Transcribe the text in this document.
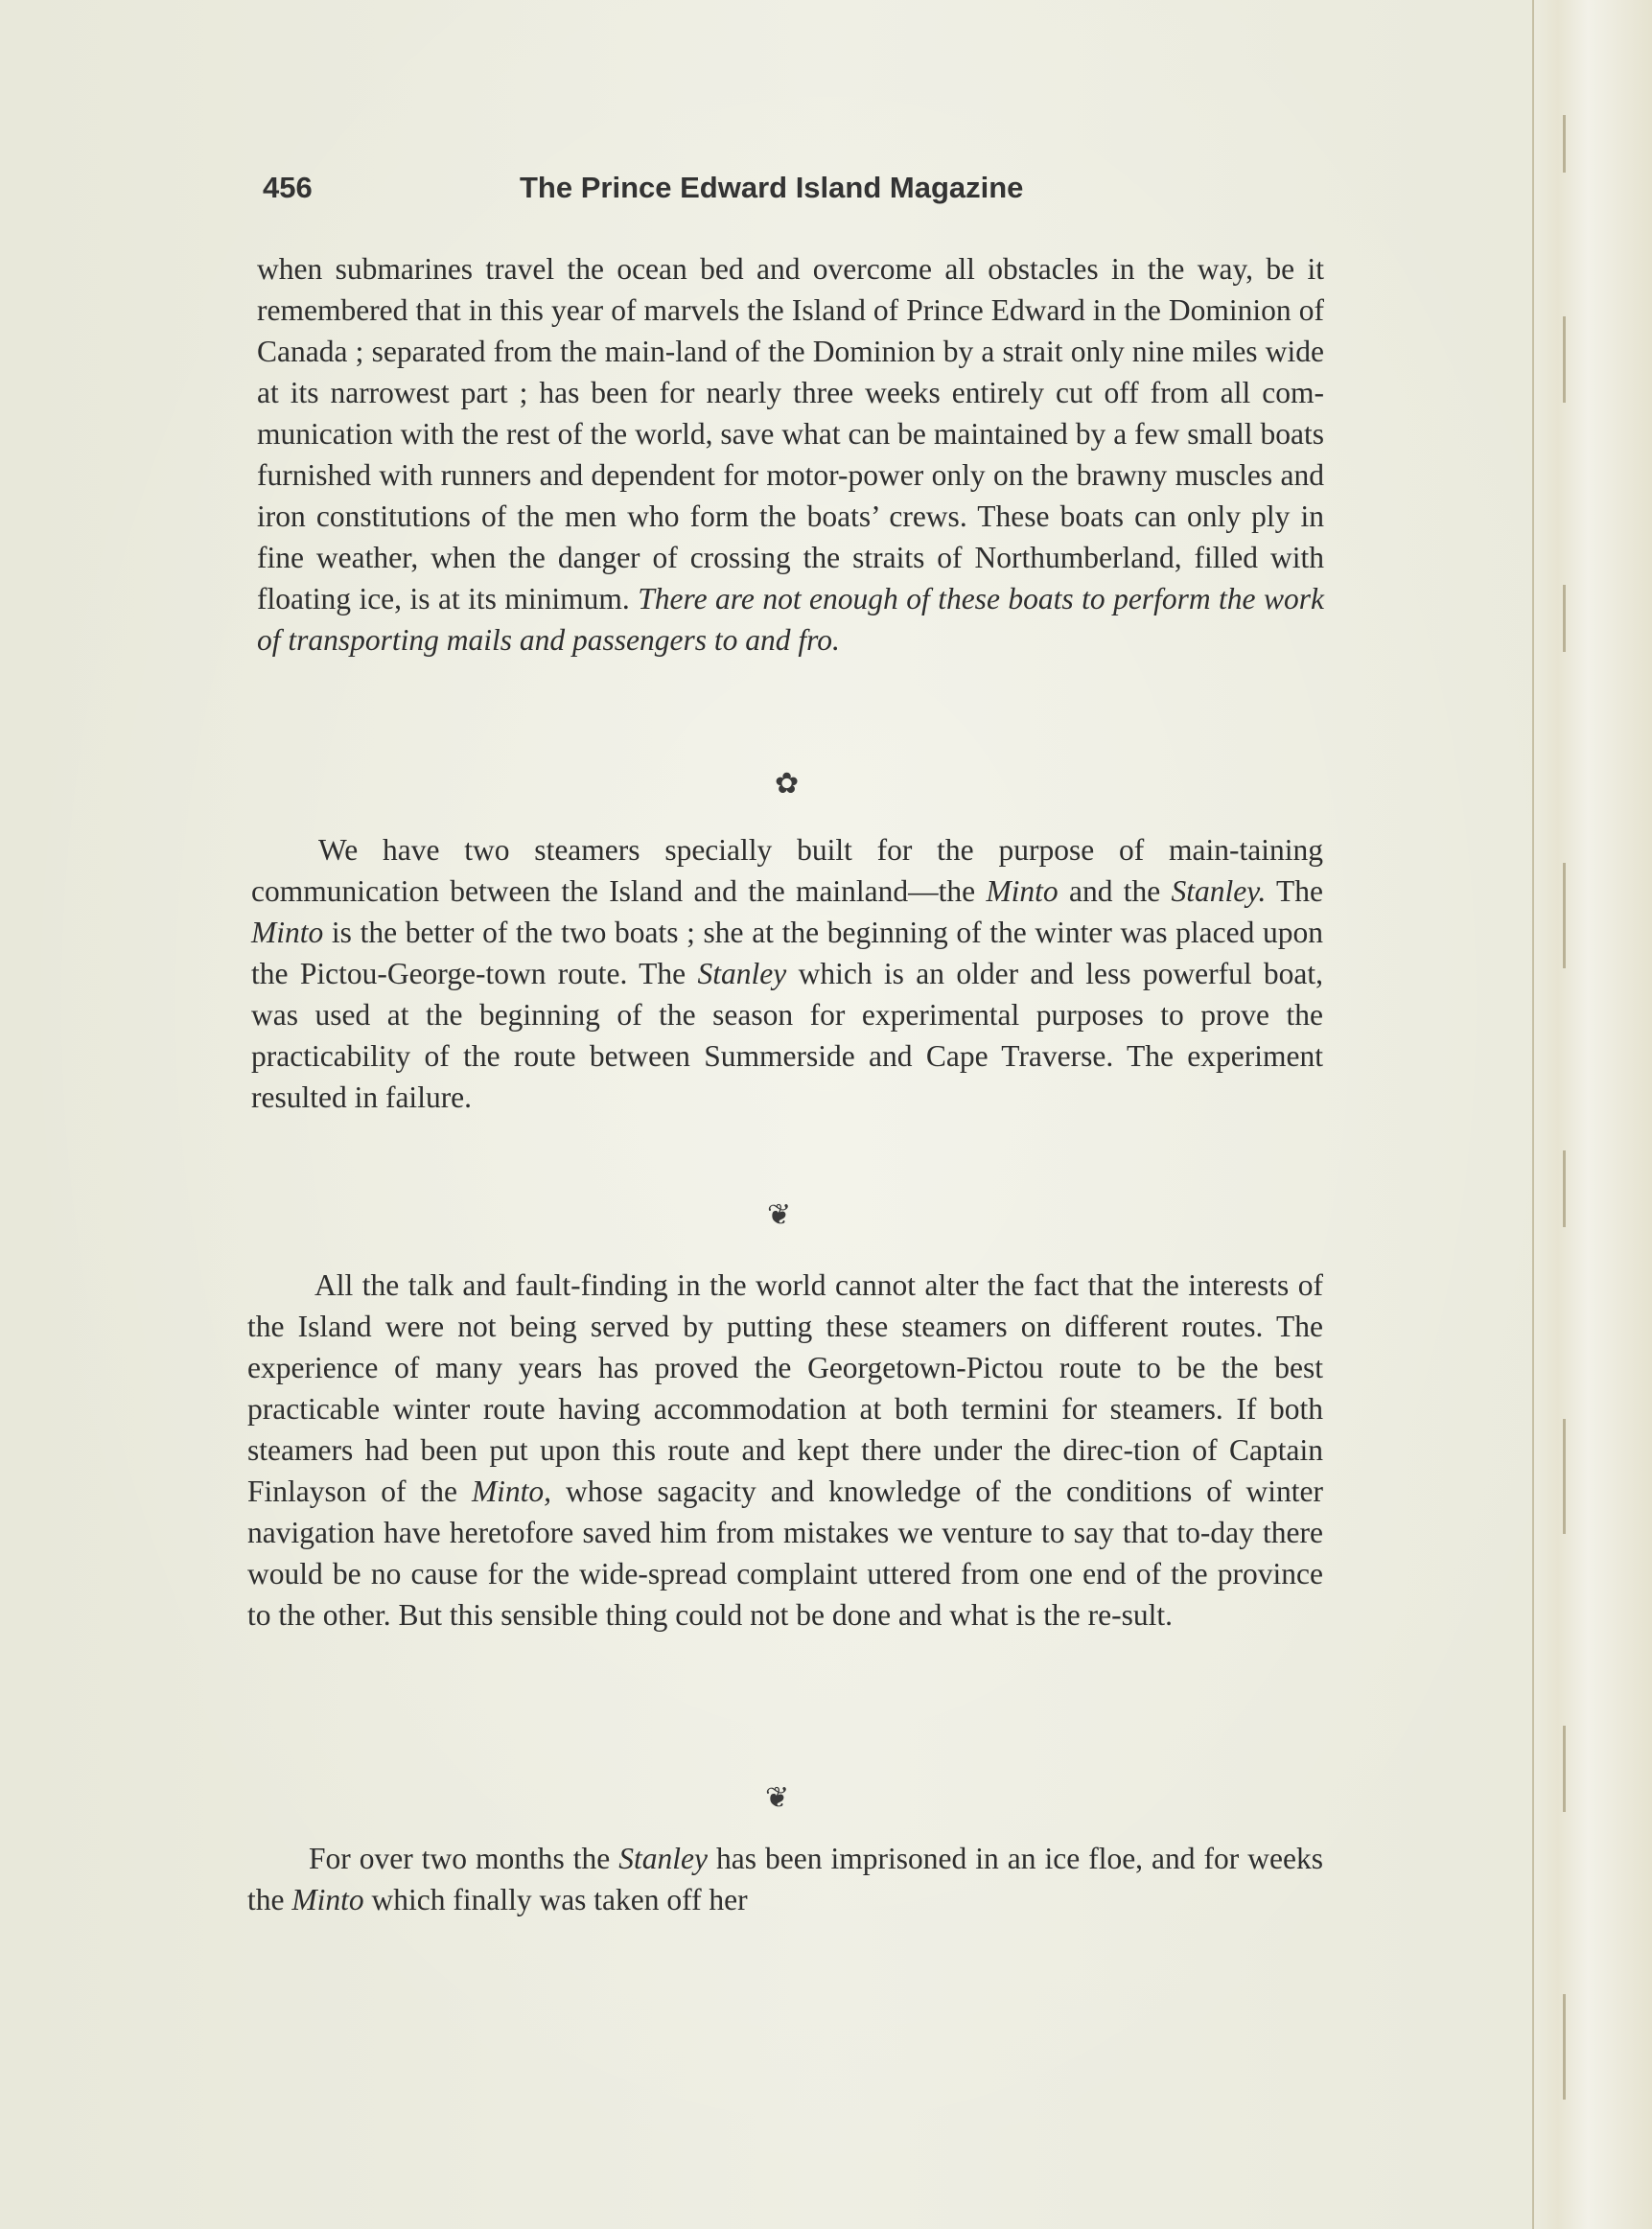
456	The Prince Edward Island Magazine

when submarines travel the ocean bed and overcome all obstacles in the way, be it remembered that in this year of marvels the Island of Prince Edward in the Dominion of Canada ; separated from the main-land of the Dominion by a strait only nine miles wide at its narrowest part ; has been for nearly three weeks entirely cut off from all com-munication with the rest of the world, save what can be maintained by a few small boats furnished with runners and dependent for motor-power only on the brawny muscles and iron constitutions of the men who form the boats’ crews. These boats can only ply in fine weather, when the danger of crossing the straits of Northumberland, filled with floating ice, is at its minimum. There are not enough of these boats to perform the work of transporting mails and passengers to and fro.

✿

We have two steamers specially built for the purpose of main-taining communication between the Island and the mainland—the Minto and the Stanley. The Minto is the better of the two boats ; she at the beginning of the winter was placed upon the Pictou-George-town route. The Stanley which is an older and less powerful boat, was used at the beginning of the season for experimental purposes to prove the practicability of the route between Summerside and Cape Traverse. The experiment resulted in failure.

❦

All the talk and fault-finding in the world cannot alter the fact that the interests of the Island were not being served by putting these steamers on different routes. The experience of many years has proved the Georgetown-Pictou route to be the best practicable winter route having accommodation at both termini for steamers. If both steamers had been put upon this route and kept there under the direc-tion of Captain Finlayson of the Minto, whose sagacity and knowledge of the conditions of winter navigation have heretofore saved him from mistakes we venture to say that to-day there would be no cause for the wide-spread complaint uttered from one end of the province to the other. But this sensible thing could not be done and what is the re-sult.

❦

For over two months the Stanley has been imprisoned in an ice floe, and for weeks the Minto which finally was taken off her
